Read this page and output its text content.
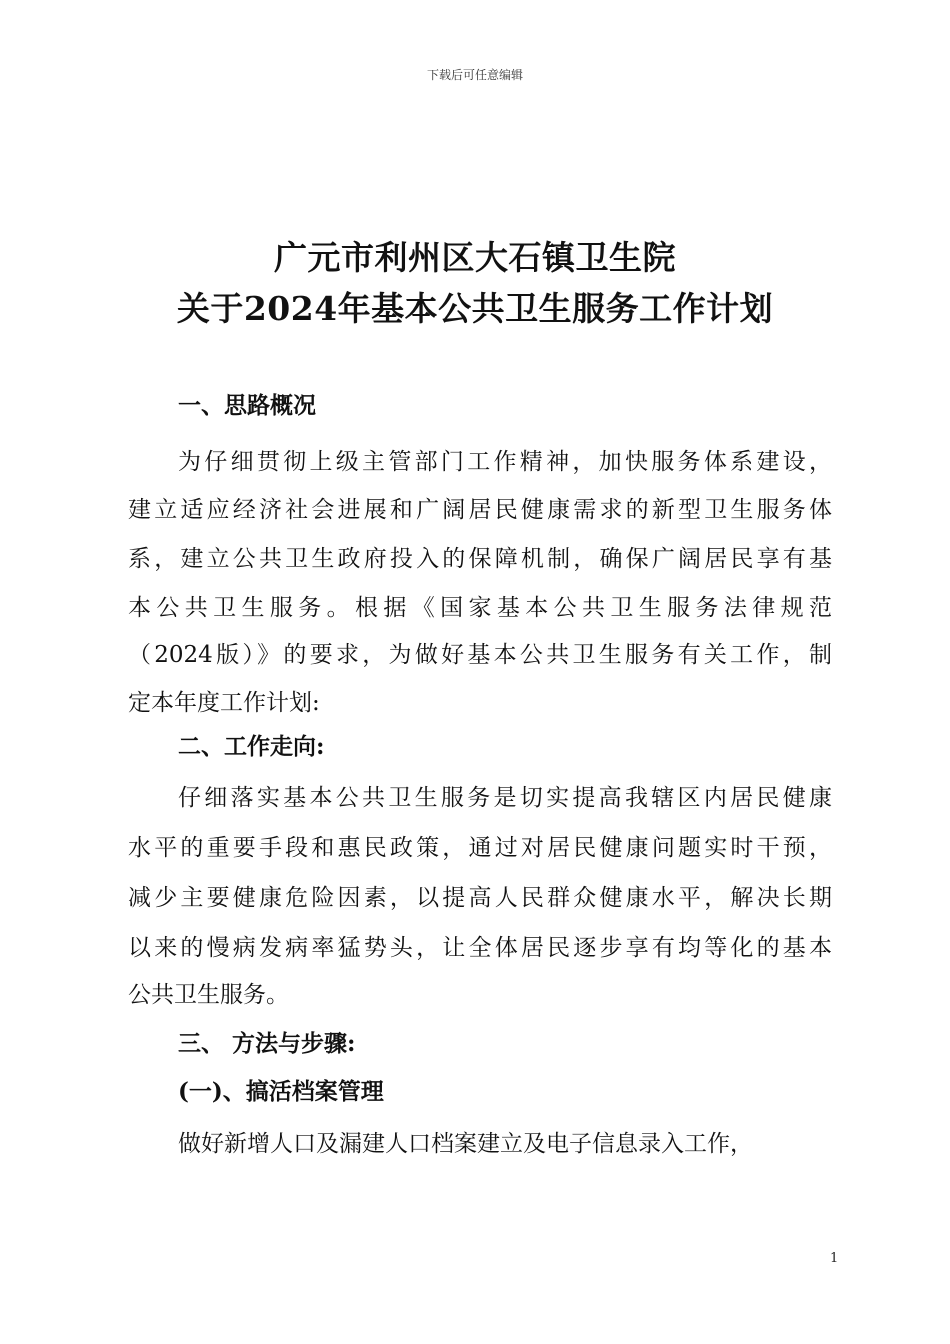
下载后可任意编辑
广元市利州区大石镇卫生院
关于2024年基本公共卫生服务工作计划
一、思路概况
为仔细贯彻上级主管部门工作精神，加快服务体系建设，
建立适应经济社会进展和广阔居民健康需求的新型卫生服务体
系，建立公共卫生政府投入的保障机制，确保广阔居民享有基
本公共卫生服务。根据《国家基本公共卫生服务法律规范
（2024版）》的要求，为做好基本公共卫生服务有关工作，制
定本年度工作计划:
二、工作走向:
仔细落实基本公共卫生服务是切实提高我辖区内居民健康
水平的重要手段和惠民政策，通过对居民健康问题实时干预，
减少主要健康危险因素，以提高人民群众健康水平，解决长期
以来的慢病发病率猛势头，让全体居民逐步享有均等化的基本
公共卫生服务。
三、 方法与步骤:
(一)、搞活档案管理
做好新增人口及漏建人口档案建立及电子信息录入工作，
1
